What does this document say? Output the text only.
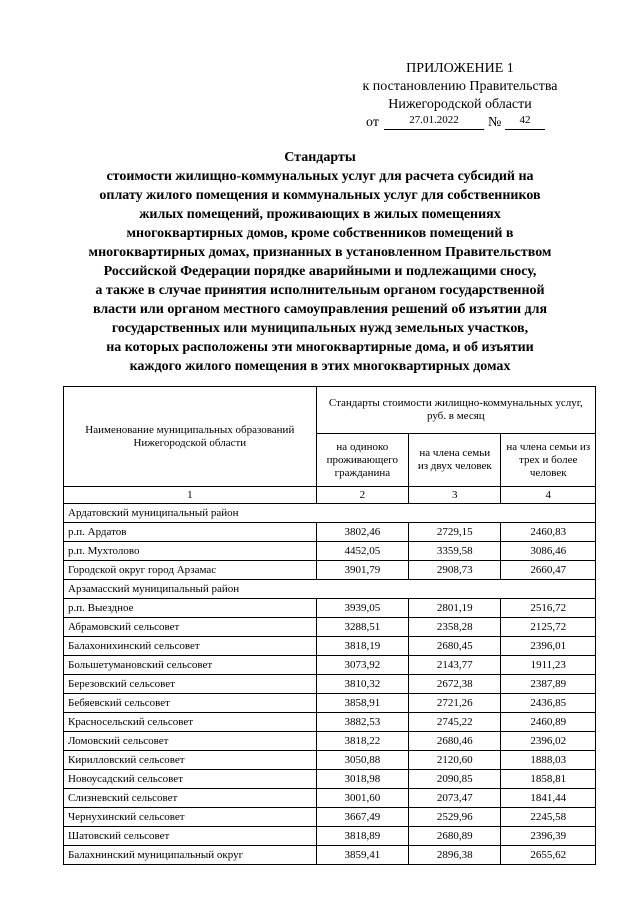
ПРИЛОЖЕНИЕ 1
к постановлению Правительства
Нижегородской области
от	27.01.2022	№	42
Стандарты
стоимости жилищно-коммунальных услуг для расчета субсидий на
оплату жилого помещения и коммунальных услуг для собственников
жилых помещений, проживающих в жилых помещениях
многоквартирных домов, кроме собственников помещений в
многоквартирных домах, признанных в установленном Правительством
Российской Федерации порядке аварийными и подлежащими сносу,
а также в случае принятия исполнительным органом государственной
власти или органом местного самоуправления решений об изъятии для
государственных или муниципальных нужд земельных участков,
на которых расположены эти многоквартирные дома, и об изъятии
каждого жилого помещения в этих многоквартирных домах
Наименование муниципальных образований Нижегородской области	Стандарты стоимости жилищно-коммунальных услуг, руб. в месяц		
	на одиноко проживающего гражданина	на члена семьи из двух человек	на члена семьи из трех и более человек
1	2	3	4
Ардатовский муниципальный район			
р.п. Ардатов	3802,46	2729,15	2460,83
р.п. Мухтолово	4452,05	3359,58	3086,46
Городской округ город Арзамас	3901,79	2908,73	2660,47
Арзамасский муниципальный район			
р.п. Выездное	3939,05	2801,19	2516,72
Абрамовский сельсовет	3288,51	2358,28	2125,72
Балахонихинский сельсовет	3818,19	2680,45	2396,01
Большетумановский сельсовет	3073,92	2143,77	1911,23
Березовский сельсовет	3810,32	2672,38	2387,89
Бебяевский сельсовет	3858,91	2721,26	2436,85
Красносельский сельсовет	3882,53	2745,22	2460,89
Ломовский сельсовет	3818,22	2680,46	2396,02
Кирилловский сельсовет	3050,88	2120,60	1888,03
Новоусадский сельсовет	3018,98	2090,85	1858,81
Слизневский сельсовет	3001,60	2073,47	1841,44
Чернухинский сельсовет	3667,49	2529,96	2245,58
Шатовский сельсовет	3818,89	2680,89	2396,39
Балахнинский муниципальный округ	3859,41	2896,38	2655,62
